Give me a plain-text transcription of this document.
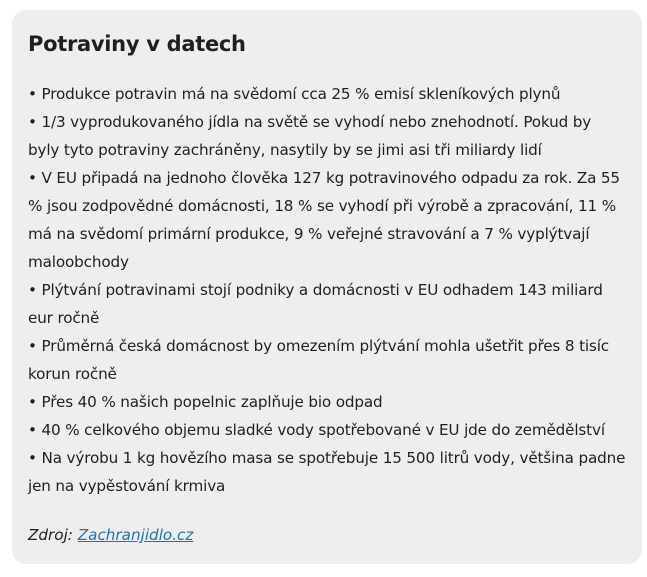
Potraviny v datech
• Produkce potravin má na svědomí cca 25 % emisí skleníkových plynů
• 1/3 vyprodukovaného jídla na světě se vyhodí nebo znehodnotí. Pokud by byly tyto potraviny zachráněny, nasytily by se jimi asi tři miliardy lidí
• V EU připadá na jednoho člověka 127 kg potravinového odpadu za rok. Za 55 % jsou zodpovědné domácnosti, 18 % se vyhodí při výrobě a zpracování, 11 % má na svědomí primární produkce, 9 % veřejné stravování a 7 % vyplýtvají maloobchody
• Plýtvání potravinami stojí podniky a domácnosti v EU odhadem 143 miliard eur ročně
• Průměrná česká domácnost by omezením plýtvání mohla ušetřit přes 8 tisíc korun ročně
• Přes 40 % našich popelnic zaplňuje bio odpad
• 40 % celkového objemu sladké vody spotřebované v EU jde do zemědělství
• Na výrobu 1 kg hovězího masa se spotřebuje 15 500 litrů vody, většina padne jen na vypěstování krmiva
Zdroj: Zachranjidlo.cz
